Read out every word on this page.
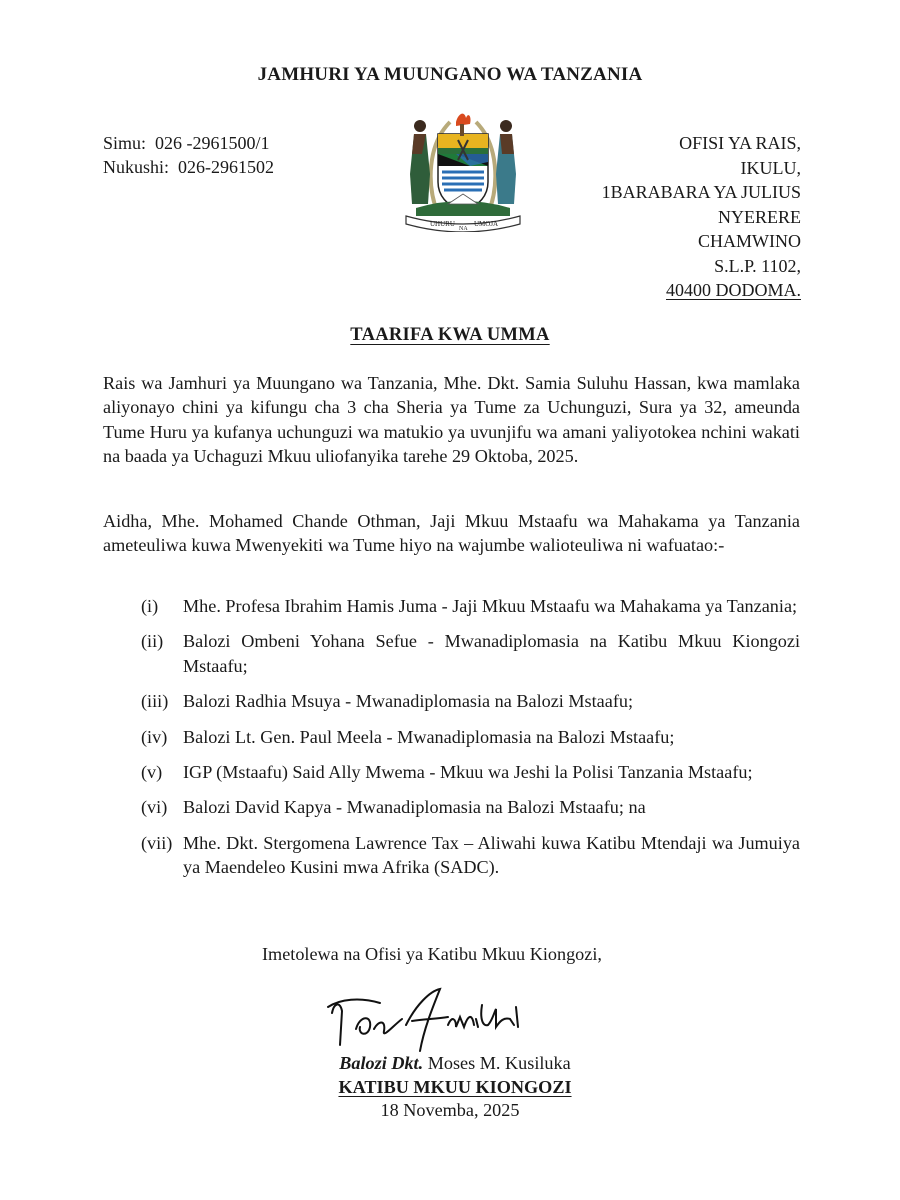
JAMHURI YA MUUNGANO WA TANZANIA
Simu: 026 -2961500/1
Nukushi: 026-2961502
UHURU
NA
UMOJA
OFISI YA RAIS,
IKULU,
1BARABARA YA JULIUS
NYERERE
CHAMWINO
S.L.P. 1102,
40400 DODOMA.
TAARIFA KWA UMMA
Rais wa Jamhuri ya Muungano wa Tanzania, Mhe. Dkt. Samia Suluhu Hassan, kwa mamlaka aliyonayo chini ya kifungu cha 3 cha Sheria ya Tume za Uchunguzi, Sura ya 32, ameunda Tume Huru ya kufanya uchunguzi wa matukio ya uvunjifu wa amani yaliyotokea nchini wakati na baada ya Uchaguzi Mkuu uliofanyika tarehe 29 Oktoba, 2025.
Aidha, Mhe. Mohamed Chande Othman, Jaji Mkuu Mstaafu wa Mahakama ya Tanzania ameteuliwa kuwa Mwenyekiti wa Tume hiyo na wajumbe walioteuliwa ni wafuatao:-
(i)	Mhe. Profesa Ibrahim Hamis Juma - Jaji Mkuu Mstaafu wa Mahakama ya Tanzania;
(ii)	Balozi Ombeni Yohana Sefue - Mwanadiplomasia na Katibu Mkuu Kiongozi Mstaafu;
(iii) Balozi Radhia Msuya - Mwanadiplomasia na Balozi Mstaafu;
(iv) Balozi Lt. Gen. Paul Meela - Mwanadiplomasia na Balozi Mstaafu;
(v)	IGP (Mstaafu) Said Ally Mwema - Mkuu wa Jeshi la Polisi Tanzania Mstaafu;
(vi) Balozi David Kapya - Mwanadiplomasia na Balozi Mstaafu; na
(vii) Mhe. Dkt. Stergomena Lawrence Tax – Aliwahi kuwa Katibu Mtendaji wa Jumuiya ya Maendeleo Kusini mwa Afrika (SADC).
Imetolewa na Ofisi ya Katibu Mkuu Kiongozi,
Balozi Dkt. Moses M. Kusiluka
KATIBU MKUU KIONGOZI
18 Novemba, 2025
